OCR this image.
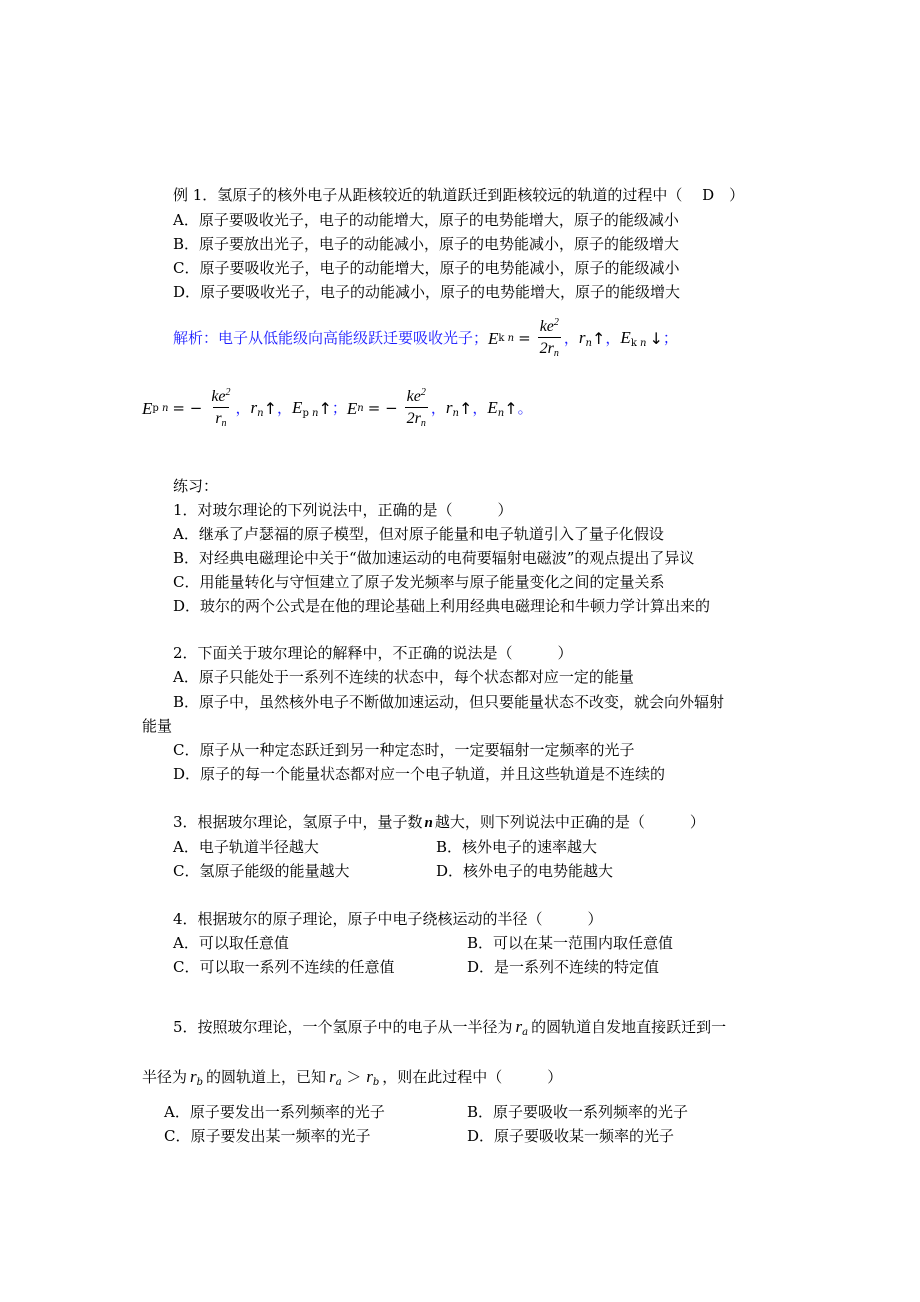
例 1．氢原子的核外电子从距核较近的轨道跃迁到距核较远的轨道的过程中（　 D　）
A．原子要吸收光子，电子的动能增大，原子的电势能增大，原子的能级减小
B．原子要放出光子，电子的动能减小，原子的电势能减小，原子的能级增大
C．原子要吸收光子，电子的动能增大，原子的电势能减小，原子的能级减小
D．原子要吸收光子，电子的动能减小，原子的电势能增大，原子的能级增大
解析：电子从低能级向高能级跃迁要吸收光子； E k $n = \frac{ke^2}{2r_n}$ ， $r_n$ ↑ ， $E_{k n}$ ↓ ；
E p n = − $\frac{ke^2}{r_n}$ ， $r_n$ ↑ ， $E_{p n}$ ↑ ； E n = − $\frac{ke^2}{2r_n}$ ， $r_n$ ↑ ， $E_n$ ↑ 。
练习：
1．对玻尔理论的下列说法中，正确的是（　　　）
A．继承了卢瑟福的原子模型，但对原子能量和电子轨道引入了量子化假设
B．对经典电磁理论中关于“做加速运动的电荷要辐射电磁波”的观点提出了异议
C．用能量转化与守恒建立了原子发光频率与原子能量变化之间的定量关系
D．玻尔的两个公式是在他的理论基础上利用经典电磁理论和牛顿力学计算出来的
2．下面关于玻尔理论的解释中，不正确的说法是（　　　）
A．原子只能处于一系列不连续的状态中，每个状态都对应一定的能量
B．原子中，虽然核外电子不断做加速运动，但只要能量状态不改变，就会向外辐射
能量
C．原子从一种定态跃迁到另一种定态时，一定要辐射一定频率的光子
D．原子的每一个能量状态都对应一个电子轨道，并且这些轨道是不连续的
3．根据玻尔理论，氢原子中，量子数 n 越大，则下列说法中正确的是（　　　）
A．电子轨道半径越大	B．核外电子的速率越大
C．氢原子能级的能量越大	D．核外电子的电势能越大
4．根据玻尔的原子理论，原子中电子绕核运动的半径（　　　）
A．可以取任意值	B．可以在某一范围内取任意值
C．可以取一系列不连续的任意值	D．是一系列不连续的特定值
5．按照玻尔理论，一个氢原子中的电子从一半径为 $r_a$ 的圆轨道自发地直接跃迁到一
半径为 $r_b$ 的圆轨道上，已知 $r_a > r_b$ ，则在此过程中（　　　）
A．原子要发出一系列频率的光子	B．原子要吸收一系列频率的光子
C．原子要发出某一频率的光子	D．原子要吸收某一频率的光子
